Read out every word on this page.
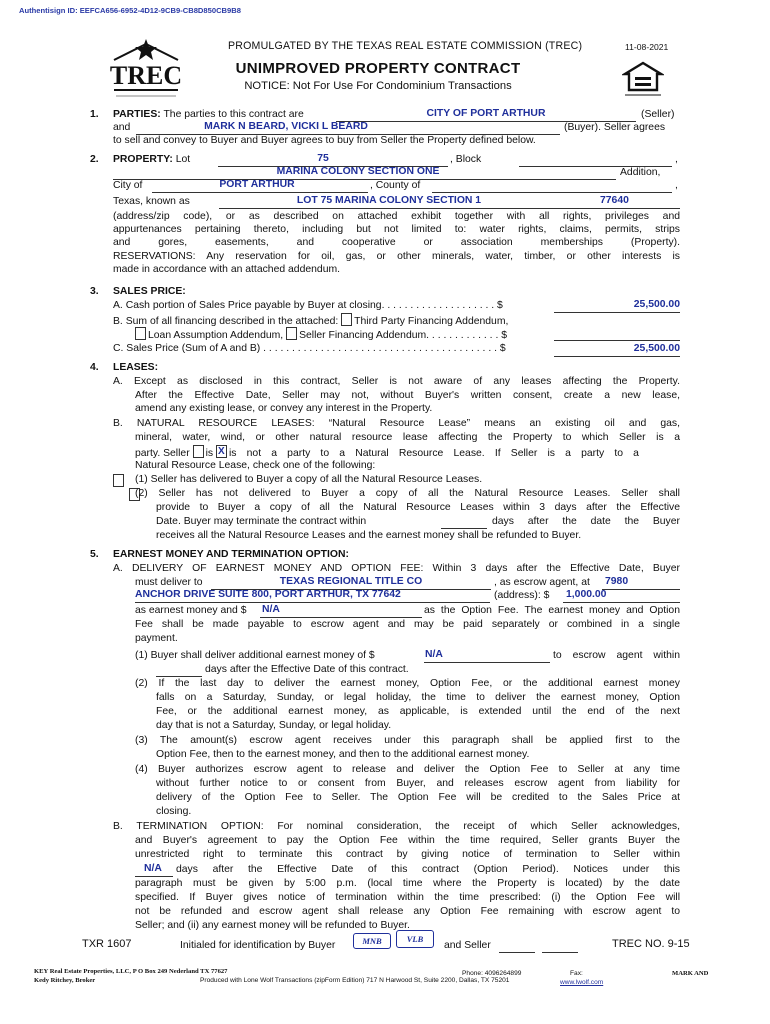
Authentisign ID: EEFCA656-6952-4D12-9CB9-CB8D850CB9B8
TREC
PROMULGATED BY THE TEXAS REAL ESTATE COMMISSION (TREC)	11-08-2021
UNIMPROVED PROPERTY CONTRACT
NOTICE: Not For Use For Condominium Transactions
1. PARTIES: The parties to this contract are	CITY OF PORT ARTHUR	(Seller)
and	MARK N BEARD, VICKI L BEARD	(Buyer). Seller agrees
to sell and convey to Buyer and Buyer agrees to buy from Seller the Property defined below.
2. PROPERTY: Lot	75	, Block	,
MARINA COLONY SECTION ONE	Addition,
City of	PORT ARTHUR	, County of	,
Texas, known as	LOT 75 MARINA COLONY SECTION 1	77640
(address/zip code), or as described on attached exhibit together with all rights, privileges and
appurtenances pertaining thereto, including but not limited to: water rights, claims, permits, strips
and gores, easements, and cooperative or association memberships (Property).
RESERVATIONS: Any reservation for oil, gas, or other minerals, water, timber, or other interests is
made in accordance with an attached addendum.
3. SALES PRICE:
A. Cash portion of Sales Price payable by Buyer at closing. . . . . . . . . . . . . . . . . . . . $	25,500.00
B. Sum of all financing described in the attached: Third Party Financing Addendum,
Loan Assumption Addendum, Seller Financing Addendum. . . . . . . . . . . . . $
C. Sales Price (Sum of A and B) . . . . . . . . . . . . . . . . . . . . . . . . . . . . . . . . . . . . . . . . . $	25,500.00
4. LEASES:
A. Except as disclosed in this contract, Seller is not aware of any leases affecting the Property.
After the Effective Date, Seller may not, without Buyer's written consent, create a new lease,
amend any existing lease, or convey any interest in the Property.
B. NATURAL RESOURCE LEASES: “Natural Resource Lease” means an existing oil and gas,
mineral, water, wind, or other natural resource lease affecting the Property to which Seller is a
party. Seller is X is not a party to a Natural Resource Lease. If Seller is a party to a
Natural Resource Lease, check one of the following:

(1) Seller has delivered to Buyer a copy of all the Natural Resource Leases.
(2) Seller has not delivered to Buyer a copy of all the Natural Resource Leases. Seller shall
provide to Buyer a copy of all the Natural Resource Leases within 3 days after the Effective
Date. Buyer may terminate the contract within	days after the date the Buyer
receives all the Natural Resource Leases and the earnest money shall be refunded to Buyer.
5. EARNEST MONEY AND TERMINATION OPTION:
A. DELIVERY OF EARNEST MONEY AND OPTION FEE: Within 3 days after the Effective Date, Buyer
must deliver to	TEXAS REGIONAL TITLE CO	, as escrow agent, at 7980
ANCHOR DRIVE SUITE 800, PORT ARTHUR, TX 77642	(address): $ 1,000.00
as earnest money and $ N/A	as the Option Fee. The earnest money and Option
Fee shall be made payable to escrow agent and may be paid separately or combined in a single
payment.
(1) Buyer shall deliver additional earnest money of $	N/A	to escrow agent within
days after the Effective Date of this contract.
(2) If the last day to deliver the earnest money, Option Fee, or the additional earnest money
falls on a Saturday, Sunday, or legal holiday, the time to deliver the earnest money, Option
Fee, or the additional earnest money, as applicable, is extended until the end of the next
day that is not a Saturday, Sunday, or legal holiday.
(3) The amount(s) escrow agent receives under this paragraph shall be applied first to the
Option Fee, then to the earnest money, and then to the additional earnest money.
(4) Buyer authorizes escrow agent to release and deliver the Option Fee to Seller at any time
without further notice to or consent from Buyer, and releases escrow agent from liability for
delivery of the Option Fee to Seller. The Option Fee will be credited to the Sales Price at
closing.
B. TERMINATION OPTION: For nominal consideration, the receipt of which Seller acknowledges,
and Buyer's agreement to pay the Option Fee within the time required, Seller grants Buyer the
unrestricted right to terminate this contract by giving notice of termination to Seller within
N/A days after the Effective Date of this contract (Option Period). Notices under this
paragraph must be given by 5:00 p.m. (local time where the Property is located) by the date
specified. If Buyer gives notice of termination within the time prescribed: (i) the Option Fee will
not be refunded and escrow agent shall release any Option Fee remaining with escrow agent to
Seller; and (ii) any earnest money will be refunded to Buyer.
TXR 1607	Initialed for identification by Buyer	MNB	VLB
and Seller	TREC NO. 9-15
KEY Real Estate Properties, LLC, P O Box 249 Nederland TX 77627
Kedy Ritchey, Broker
Phone: 4096264899	Fax:	MARK AND
Produced with Lone Wolf Transactions (zipForm Edition) 717 N Harwood St, Suite 2200, Dallas, TX 75201	www.lwolf.com
